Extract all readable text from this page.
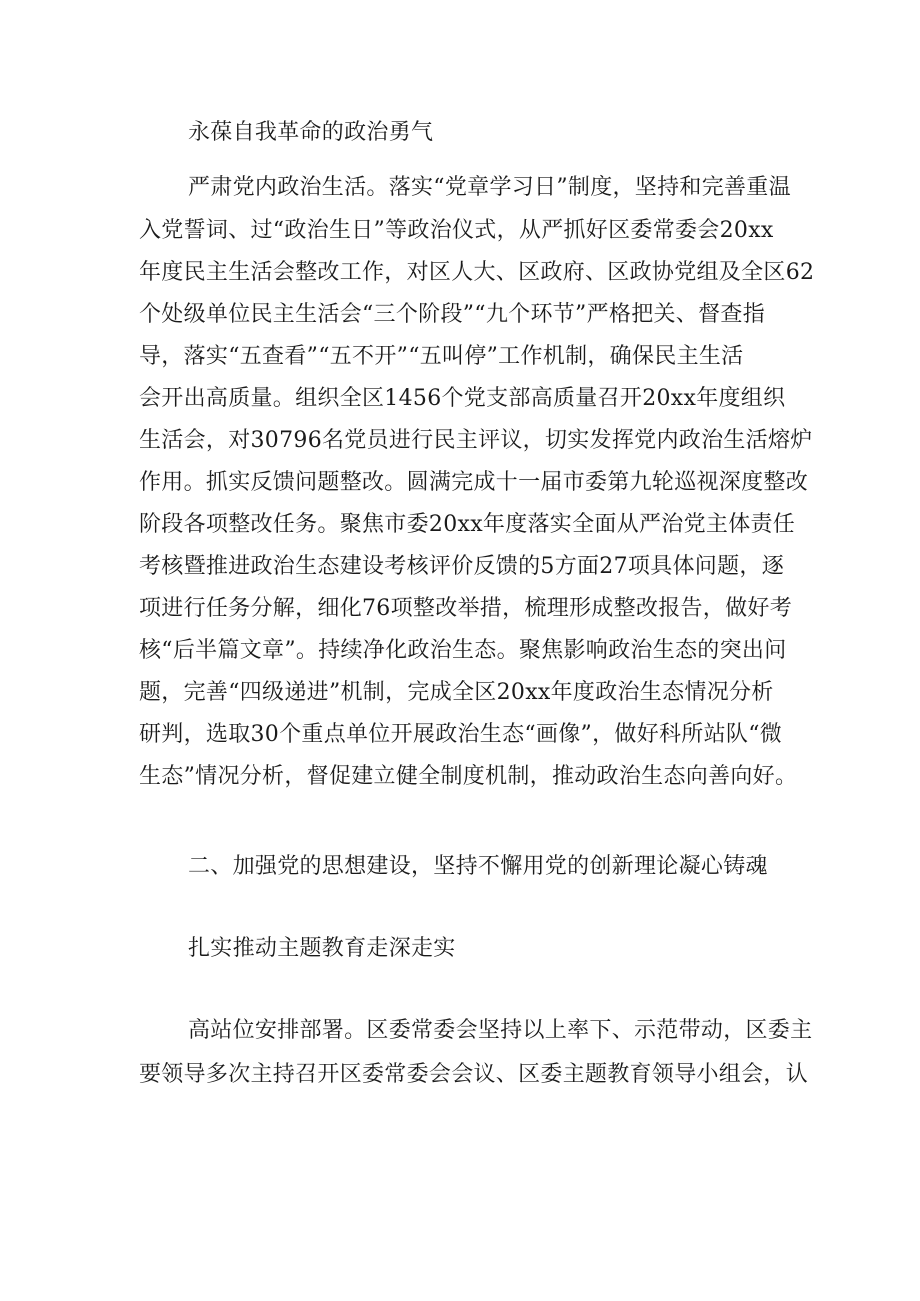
永葆自我革命的政治勇气
严肃党内政治生活。落实“党章学习日”制度，坚持和完善重温
入党誓词、过“政治生日”等政治仪式，从严抓好区委常委会20xx
年度民主生活会整改工作，对区人大、区政府、区政协党组及全区62
个处级单位民主生活会“三个阶段”“九个环节”严格把关、督查指
导，落实“五查看”“五不开”“五叫停”工作机制，确保民主生活
会开出高质量。组织全区1456个党支部高质量召开20xx年度组织
生活会，对30796名党员进行民主评议，切实发挥党内政治生活熔炉
作用。抓实反馈问题整改。圆满完成十一届市委第九轮巡视深度整改
阶段各项整改任务。聚焦市委20xx年度落实全面从严治党主体责任
考核暨推进政治生态建设考核评价反馈的5方面27项具体问题，逐
项进行任务分解，细化76项整改举措，梳理形成整改报告，做好考
核“后半篇文章”。持续净化政治生态。聚焦影响政治生态的突出问
题，完善“四级递进”机制，完成全区20xx年度政治生态情况分析
研判，选取30个重点单位开展政治生态“画像”，做好科所站队“微
生态”情况分析，督促建立健全制度机制，推动政治生态向善向好。
二、加强党的思想建设，坚持不懈用党的创新理论凝心铸魂
扎实推动主题教育走深走实
高站位安排部署。区委常委会坚持以上率下、示范带动，区委主
要领导多次主持召开区委常委会会议、区委主题教育领导小组会，认
